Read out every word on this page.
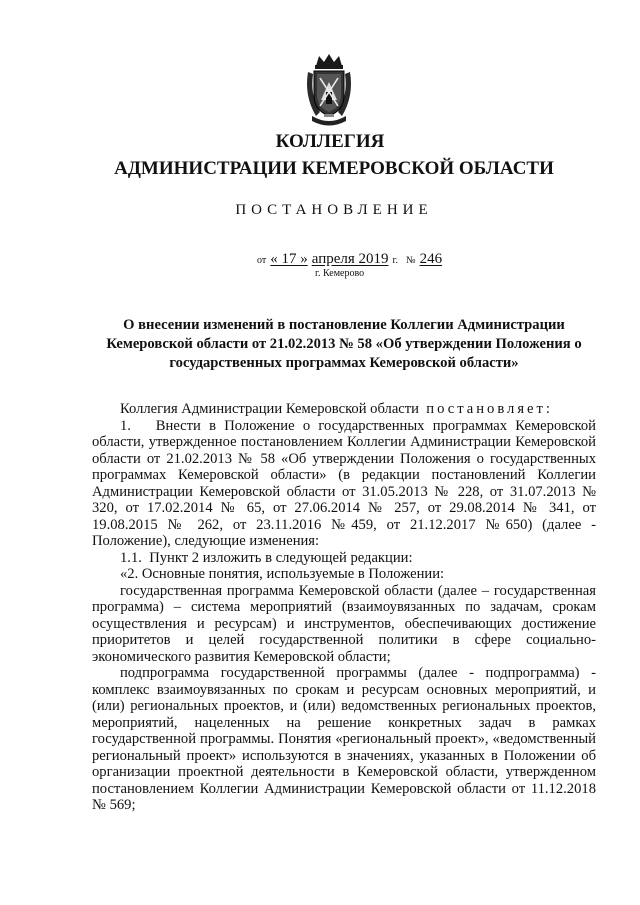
КОЛЛЕГИЯ
АДМИНИСТРАЦИИ КЕМЕРОВСКОЙ ОБЛАСТИ
ПОСТАНОВЛЕНИЕ
от « 17 » апреля 2019 г. № 246
г. Кемерово
О внесении изменений в постановление Коллегии Администрации Кемеровской области от 21.02.2013 № 58 «Об утверждении Положения о государственных программах Кемеровской области»

Коллегия Администрации Кемеровской области постановляет:

1.   Внести в Положение о государственных программах Кемеровской области, утвержденное постановлением Коллегии Администрации Кемеровской области от 21.02.2013 № 58 «Об утверждении Положения о государственных программах Кемеровской области» (в редакции постановлений Коллегии Администрации Кемеровской области от 31.05.2013 № 228, от 31.07.2013 № 320, от 17.02.2014 № 65, от 27.06.2014 № 257, от 29.08.2014 № 341, от 19.08.2015 № 262, от 23.11.2016 №459, от 21.12.2017 №650) (далее - Положение), следующие изменения:

1.1.  Пункт 2 изложить в следующей редакции:

«2. Основные понятия, используемые в Положении:

государственная программа Кемеровской области (далее – государственная программа) – система мероприятий (взаимоувязанных по задачам, срокам осуществления и ресурсам) и инструментов, обеспечивающих достижение приоритетов и целей государственной политики в сфере социально-экономического развития Кемеровской области;

подпрограмма государственной программы (далее - подпрограмма) - комплекс взаимоувязанных по срокам и ресурсам основных мероприятий, и (или) региональных проектов, и (или) ведомственных региональных проектов, мероприятий, нацеленных на решение конкретных задач в рамках государственной программы. Понятия «региональный проект», «ведомственный региональный проект» используются в значениях, указанных в Положении об организации проектной деятельности в Кемеровской области, утвержденном постановлением Коллегии Администрации Кемеровской области от 11.12.2018 № 569;
